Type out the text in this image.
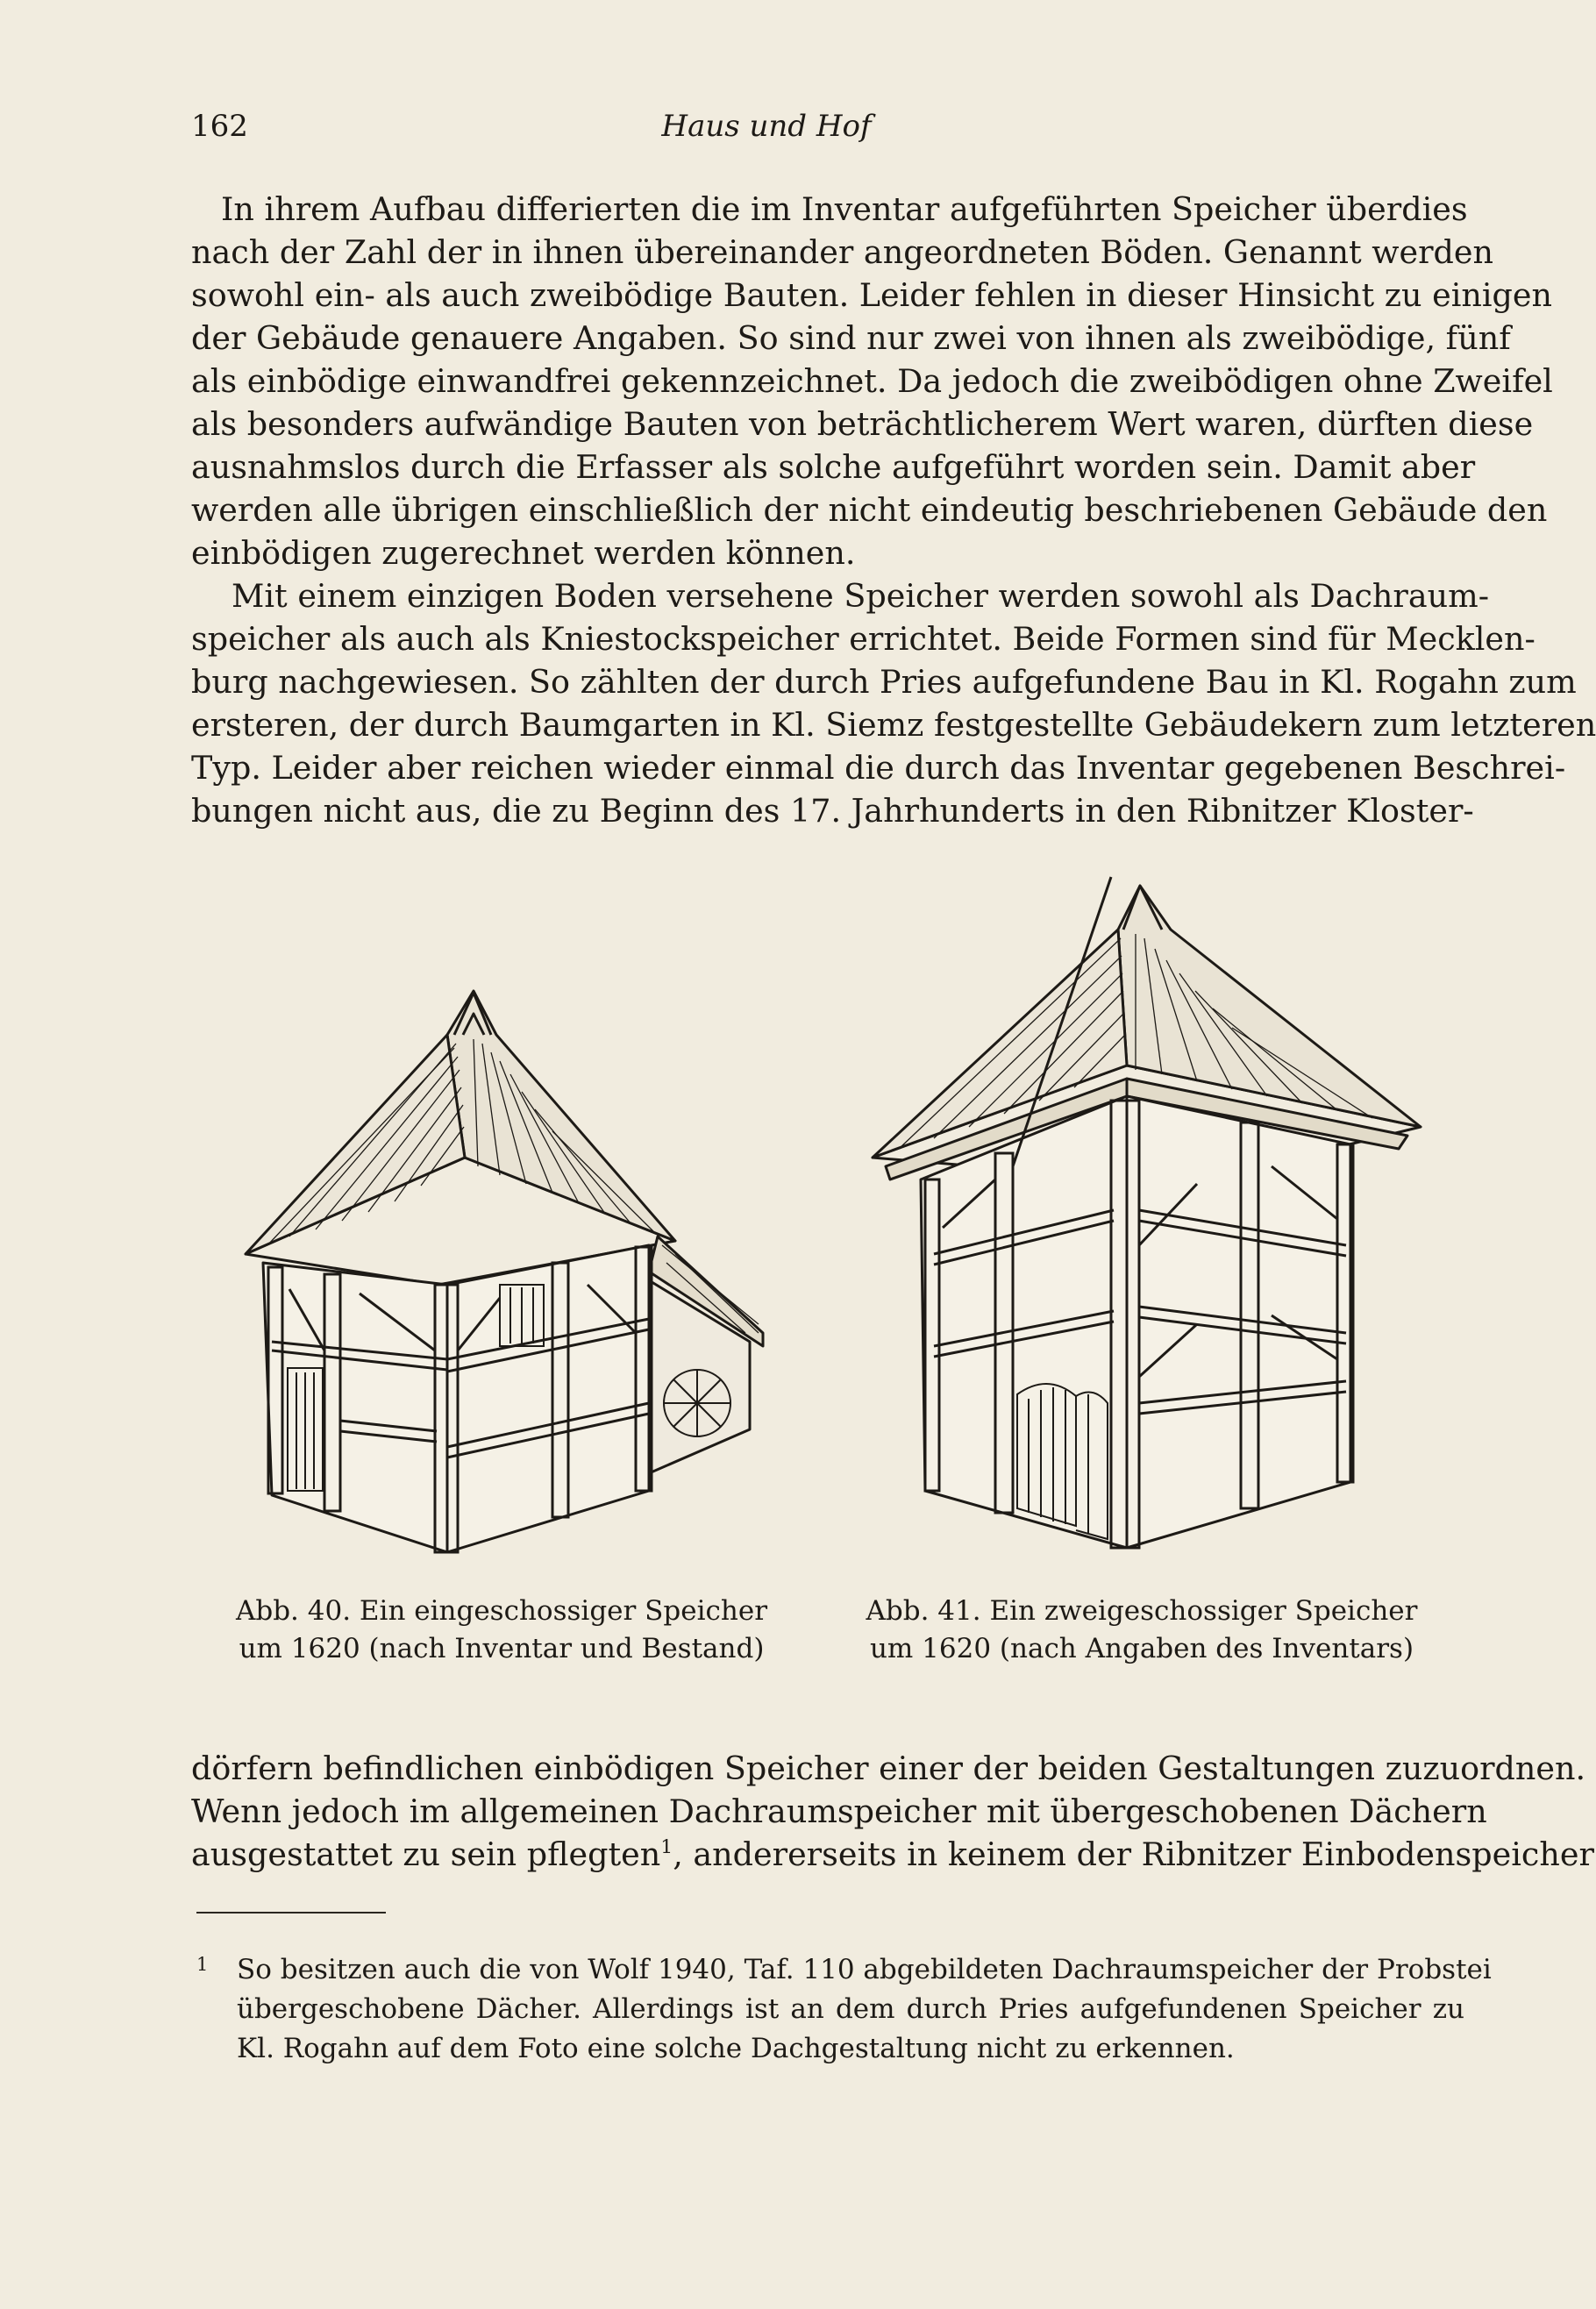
162	Haus und Hof

In ihrem Aufbau differierten die im Inventar aufgeführten Speicher überdies
nach der Zahl der in ihnen übereinander angeordneten Böden. Genannt werden
sowohl ein- als auch zweibödige Bauten. Leider fehlen in dieser Hinsicht zu einigen
der Gebäude genauere Angaben. So sind nur zwei von ihnen als zweibödige, fünf
als einbödige einwandfrei gekennzeichnet. Da jedoch die zweibödigen ohne Zweifel
als besonders aufwändige Bauten von beträchtlicherem Wert waren, dürften diese
ausnahmslos durch die Erfasser als solche aufgeführt worden sein. Damit aber
werden alle übrigen einschließlich der nicht eindeutig beschriebenen Gebäude den
einbödigen zugerechnet werden können.

Mit einem einzigen Boden versehene Speicher werden sowohl als Dachraum-
speicher als auch als Kniestockspeicher errichtet. Beide Formen sind für Mecklen-
burg nachgewiesen. So zählten der durch Pries aufgefundene Bau in Kl. Rogahn zum
ersteren, der durch Baumgarten in Kl. Siemz festgestellte Gebäudekern zum letzteren
Typ. Leider aber reichen wieder einmal die durch das Inventar gegebenen Beschrei-
bungen nicht aus, die zu Beginn des 17. Jahrhunderts in den Ribnitzer Kloster-

Abb. 40. Ein eingeschossiger Speicher
um 1620 (nach Inventar und Bestand)
Abb. 41. Ein zweigeschossiger Speicher
um 1620 (nach Angaben des Inventars)

dörfern befindlichen einbödigen Speicher einer der beiden Gestaltungen zuzuordnen.
Wenn jedoch im allgemeinen Dachraumspeicher mit übergeschobenen Dächern
ausgestattet zu sein pflegten$^1$, andererseits in keinem der Ribnitzer Einbodenspeicher

1 So besitzen auch die von Wolf 1940, Taf. 110 abgebildeten Dachraumspeicher der Probstei
übergeschobene Dächer. Allerdings ist an dem durch Pries aufgefundenen Speicher zu
Kl. Rogahn auf dem Foto eine solche Dachgestaltung nicht zu erkennen.
